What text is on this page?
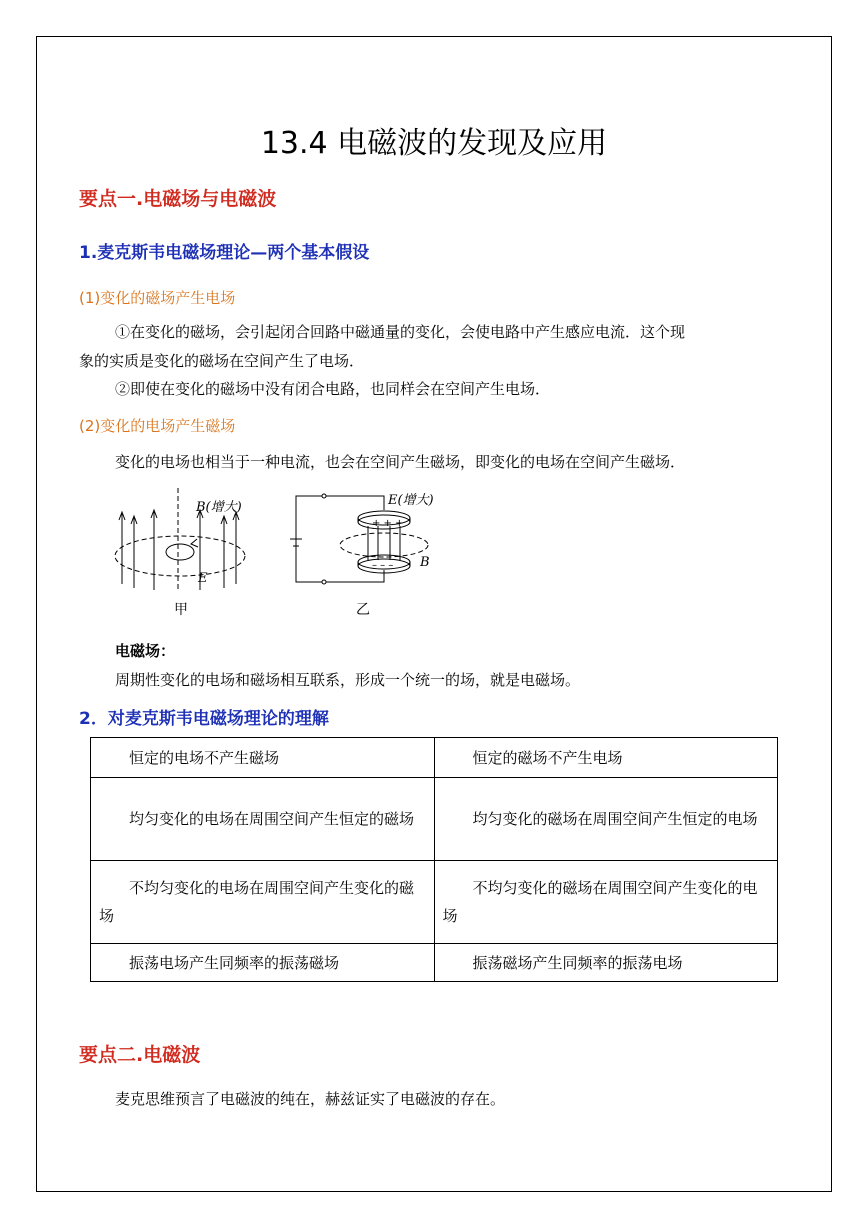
13.4 电磁波的发现及应用
要点一.电磁场与电磁波
1.麦克斯韦电磁场理论—两个基本假设
(1)变化的磁场产生电场
①在变化的磁场，会引起闭合回路中磁通量的变化，会使电路中产生感应电流．这个现
象的实质是变化的磁场在空间产生了电场．
②即使在变化的磁场中没有闭合电路，也同样会在空间产生电场．
(2)变化的电场产生磁场
变化的电场也相当于一种电流，也会在空间产生磁场，即变化的电场在空间产生磁场．
B(增大)
E
甲
+ + +
– – –
E(增大)
B
乙
电磁场：
周期性变化的电场和磁场相互联系，形成一个统一的场，就是电磁场。
2．对麦克斯韦电磁场理论的理解
恒定的电场不产生磁场	恒定的磁场不产生电场
均匀变化的电场在周围空间产生恒定的磁场	均匀变化的磁场在周围空间产生恒定的电场
不均匀变化的电场在周围空间产生变化的磁场	不均匀变化的磁场在周围空间产生变化的电场
振荡电场产生同频率的振荡磁场	振荡磁场产生同频率的振荡电场
要点二.电磁波
麦克思维预言了电磁波的纯在，赫兹证实了电磁波的存在。
